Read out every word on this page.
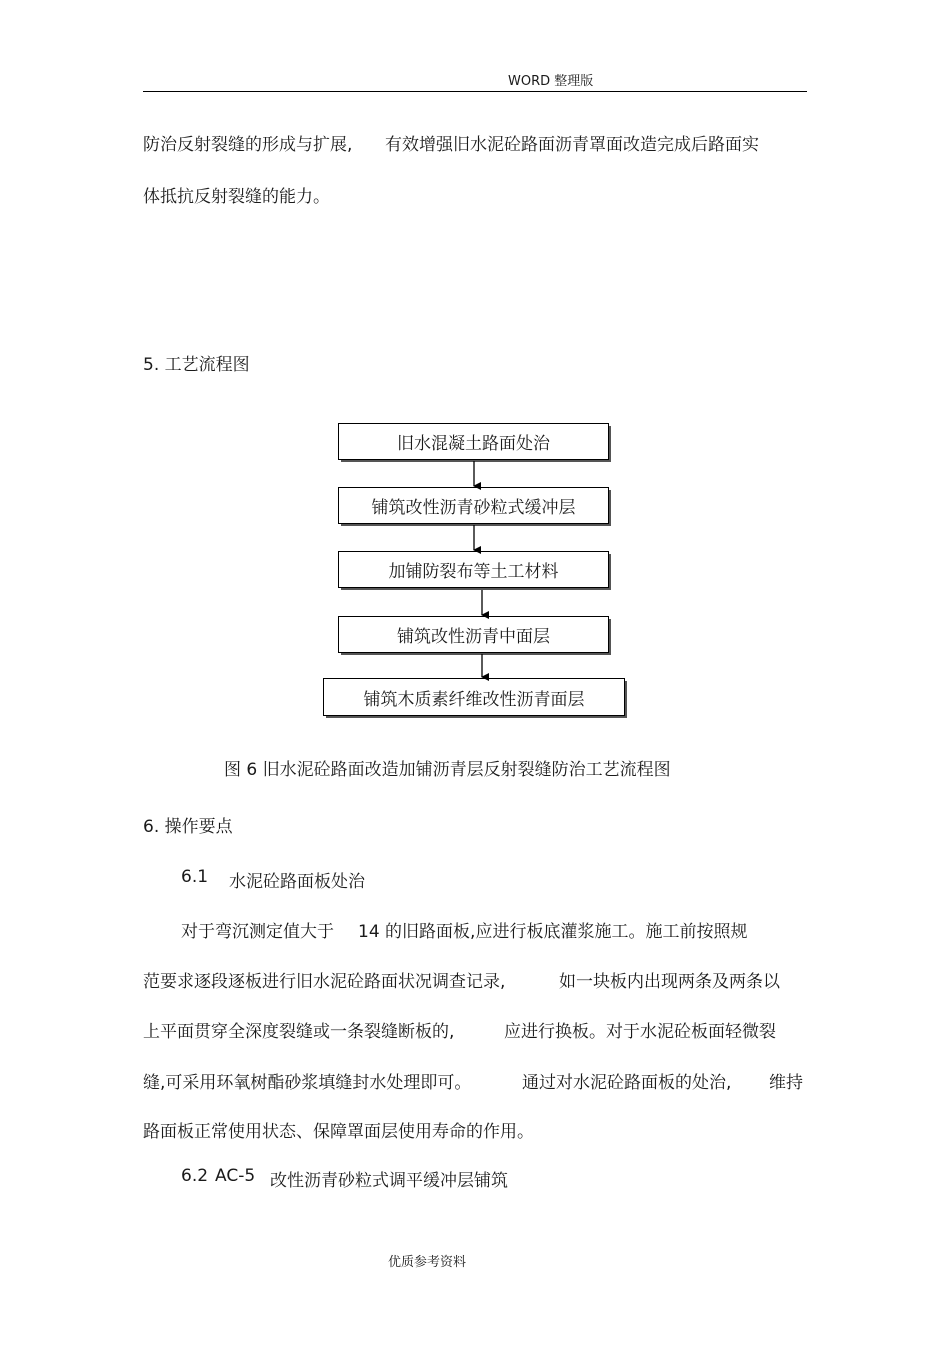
WORD 整理版
防治反射裂缝的形成与扩展, 有效增强旧水泥砼路面沥青罩面改造完成后路面实
体抵抗反射裂缝的能力。
5. 工艺流程图
旧水混凝土路面处治
铺筑改性沥青砂粒式缓冲层
加铺防裂布等土工材料
铺筑改性沥青中面层
铺筑木质素纤维改性沥青面层
图 6 旧水泥砼路面改造加铺沥青层反射裂缝防治工艺流程图
6. 操作要点
6.1 水泥砼路面板处治
对于弯沉测定值大于 14 的旧路面板,应进行板底灌浆施工。施工前按照规
范要求逐段逐板进行旧水泥砼路面状况调查记录,	如一块板内出现两条及两条以
上平面贯穿全深度裂缝或一条裂缝断板的,	应进行换板。对于水泥砼板面轻微裂
缝,可采用环氧树酯砂浆填缝封水处理即可。	通过对水泥砼路面板的处治, 维持
路面板正常使用状态、保障罩面层使用寿命的作用。
6.2 AC-5 改性沥青砂粒式调平缓冲层铺筑
优质参考资料
